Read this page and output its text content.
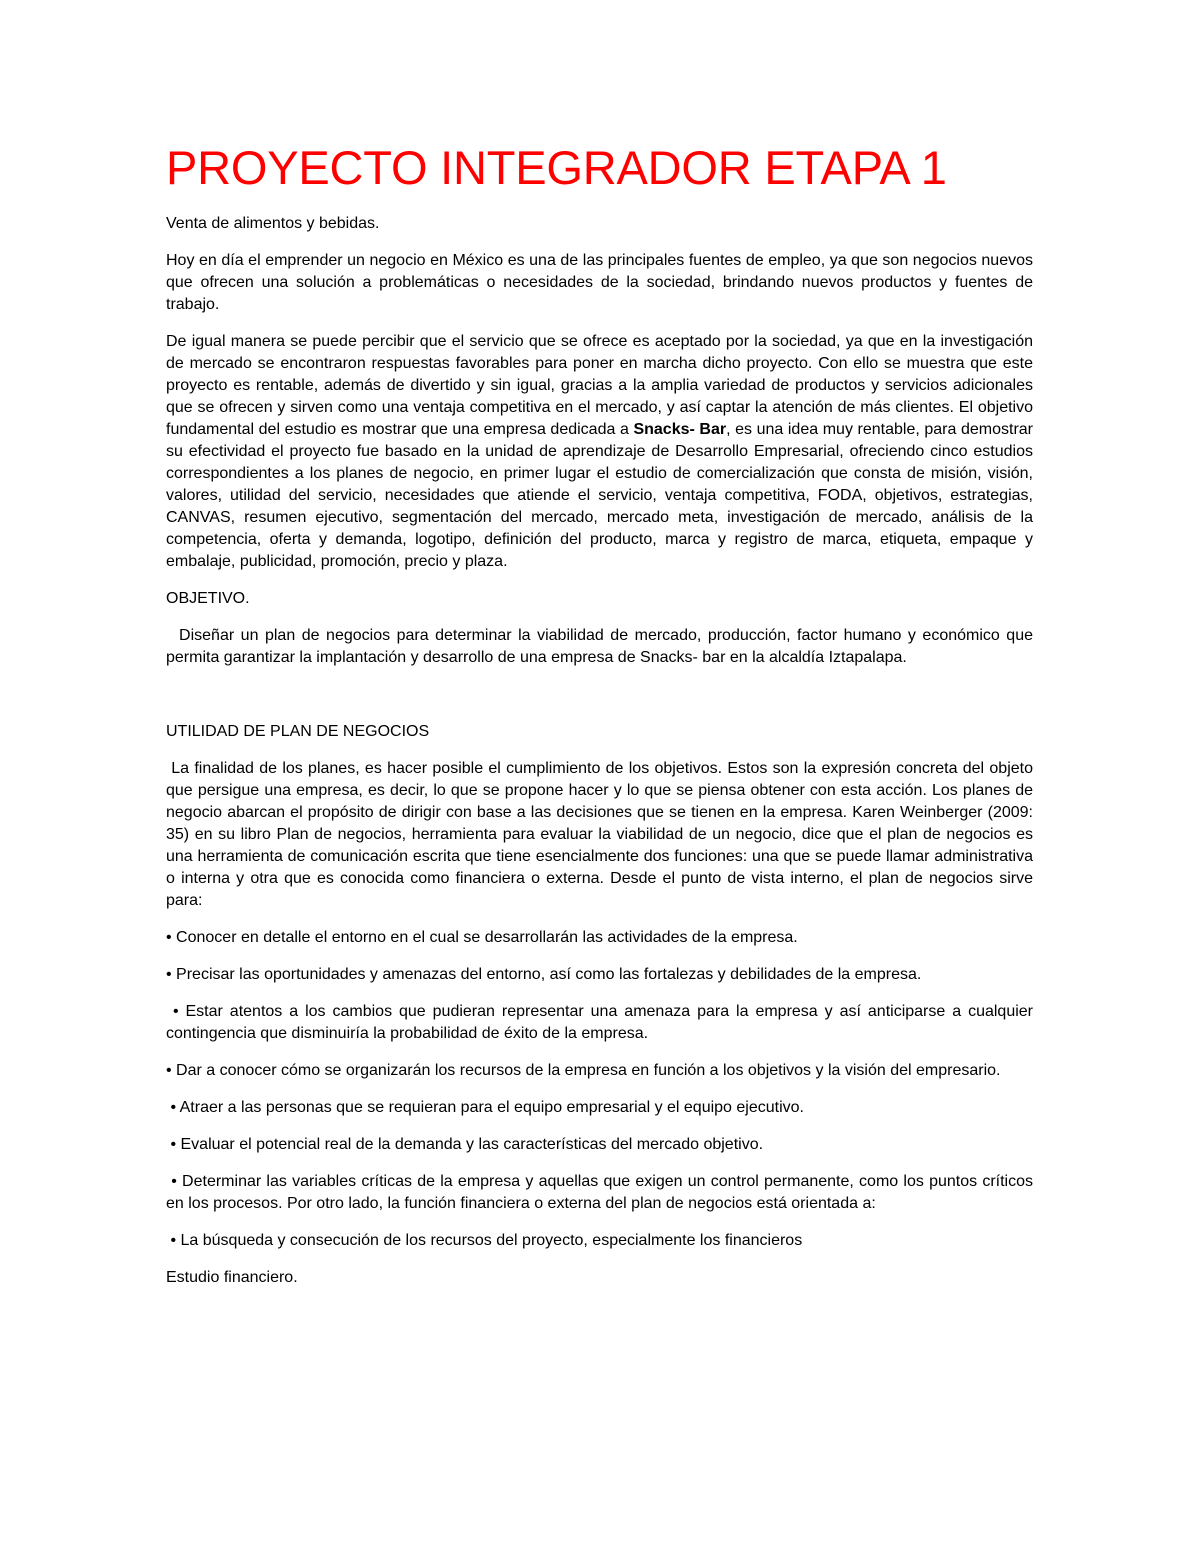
PROYECTO INTEGRADOR ETAPA 1

Venta de alimentos y bebidas.

Hoy en día el emprender un negocio en México es una de las principales fuentes de empleo, ya que son negocios nuevos que ofrecen una solución a problemáticas o necesidades de la sociedad, brindando nuevos productos y fuentes de trabajo.

De igual manera se puede percibir que el servicio que se ofrece es aceptado por la sociedad, ya que en la investigación de mercado se encontraron respuestas favorables para poner en marcha dicho proyecto. Con ello se muestra que este proyecto es rentable, además de divertido y sin igual, gracias a la amplia variedad de productos y servicios adicionales que se ofrecen y sirven como una ventaja competitiva en el mercado, y así captar la atención de más clientes. El objetivo fundamental del estudio es mostrar que una empresa dedicada a Snacks- Bar, es una idea muy rentable, para demostrar su efectividad el proyecto fue basado en la unidad de aprendizaje de Desarrollo Empresarial, ofreciendo cinco estudios correspondientes a los planes de negocio, en primer lugar el estudio de comercialización que consta de misión, visión, valores, utilidad del servicio, necesidades que atiende el servicio, ventaja competitiva, FODA, objetivos, estrategias, CANVAS, resumen ejecutivo, segmentación del mercado, mercado meta, investigación de mercado, análisis de la competencia, oferta y demanda, logotipo, definición del producto, marca y registro de marca, etiqueta, empaque y embalaje, publicidad, promoción, precio y plaza.

OBJETIVO.

Diseñar un plan de negocios para determinar la viabilidad de mercado, producción, factor humano y económico que permita garantizar la implantación y desarrollo de una empresa de Snacks- bar en la alcaldía Iztapalapa.

UTILIDAD DE PLAN DE NEGOCIOS

La finalidad de los planes, es hacer posible el cumplimiento de los objetivos. Estos son la expresión concreta del objeto que persigue una empresa, es decir, lo que se propone hacer y lo que se piensa obtener con esta acción. Los planes de negocio abarcan el propósito de dirigir con base a las decisiones que se tienen en la empresa. Karen Weinberger (2009: 35) en su libro Plan de negocios, herramienta para evaluar la viabilidad de un negocio, dice que el plan de negocios es una herramienta de comunicación escrita que tiene esencialmente dos funciones: una que se puede llamar administrativa o interna y otra que es conocida como financiera o externa. Desde el punto de vista interno, el plan de negocios sirve para:

• Conocer en detalle el entorno en el cual se desarrollarán las actividades de la empresa.

• Precisar las oportunidades y amenazas del entorno, así como las fortalezas y debilidades de la empresa.

• Estar atentos a los cambios que pudieran representar una amenaza para la empresa y así anticiparse a cualquier contingencia que disminuiría la probabilidad de éxito de la empresa.

• Dar a conocer cómo se organizarán los recursos de la empresa en función a los objetivos y la visión del empresario.

• Atraer a las personas que se requieran para el equipo empresarial y el equipo ejecutivo.

• Evaluar el potencial real de la demanda y las características del mercado objetivo.

• Determinar las variables críticas de la empresa y aquellas que exigen un control permanente, como los puntos críticos en los procesos. Por otro lado, la función financiera o externa del plan de negocios está orientada a:

• La búsqueda y consecución de los recursos del proyecto, especialmente los financieros

Estudio financiero.
